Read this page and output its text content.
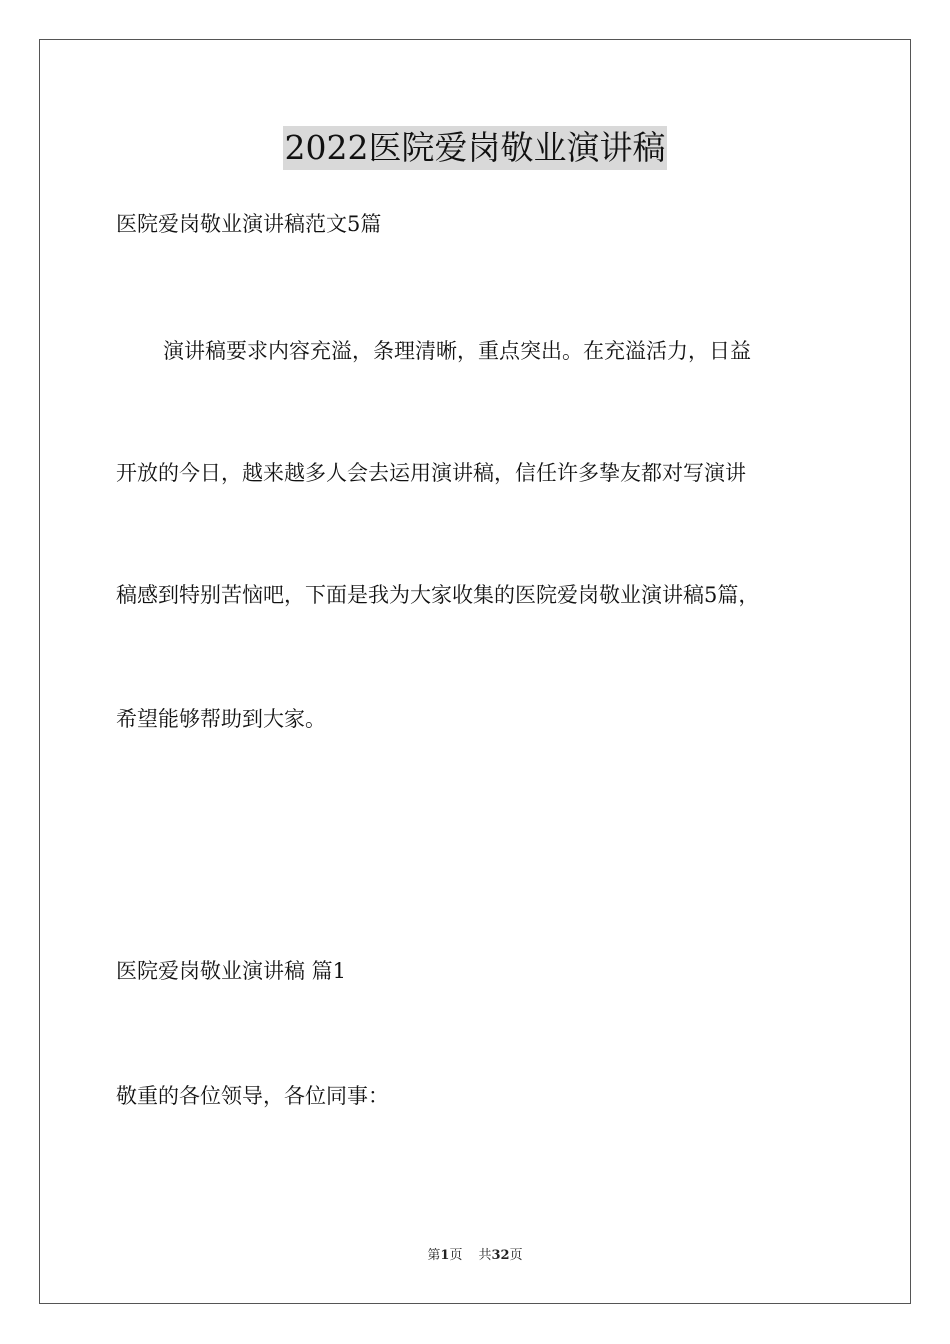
2022医院爱岗敬业演讲稿
医院爱岗敬业演讲稿范文5篇
演讲稿要求内容充溢，条理清晰，重点突出。在充溢活力，日益
开放的今日，越来越多人会去运用演讲稿，信任许多挚友都对写演讲
稿感到特别苦恼吧，下面是我为大家收集的医院爱岗敬业演讲稿5篇，
希望能够帮助到大家。
医院爱岗敬业演讲稿 篇1
敬重的各位领导，各位同事：
第1页 共32页
